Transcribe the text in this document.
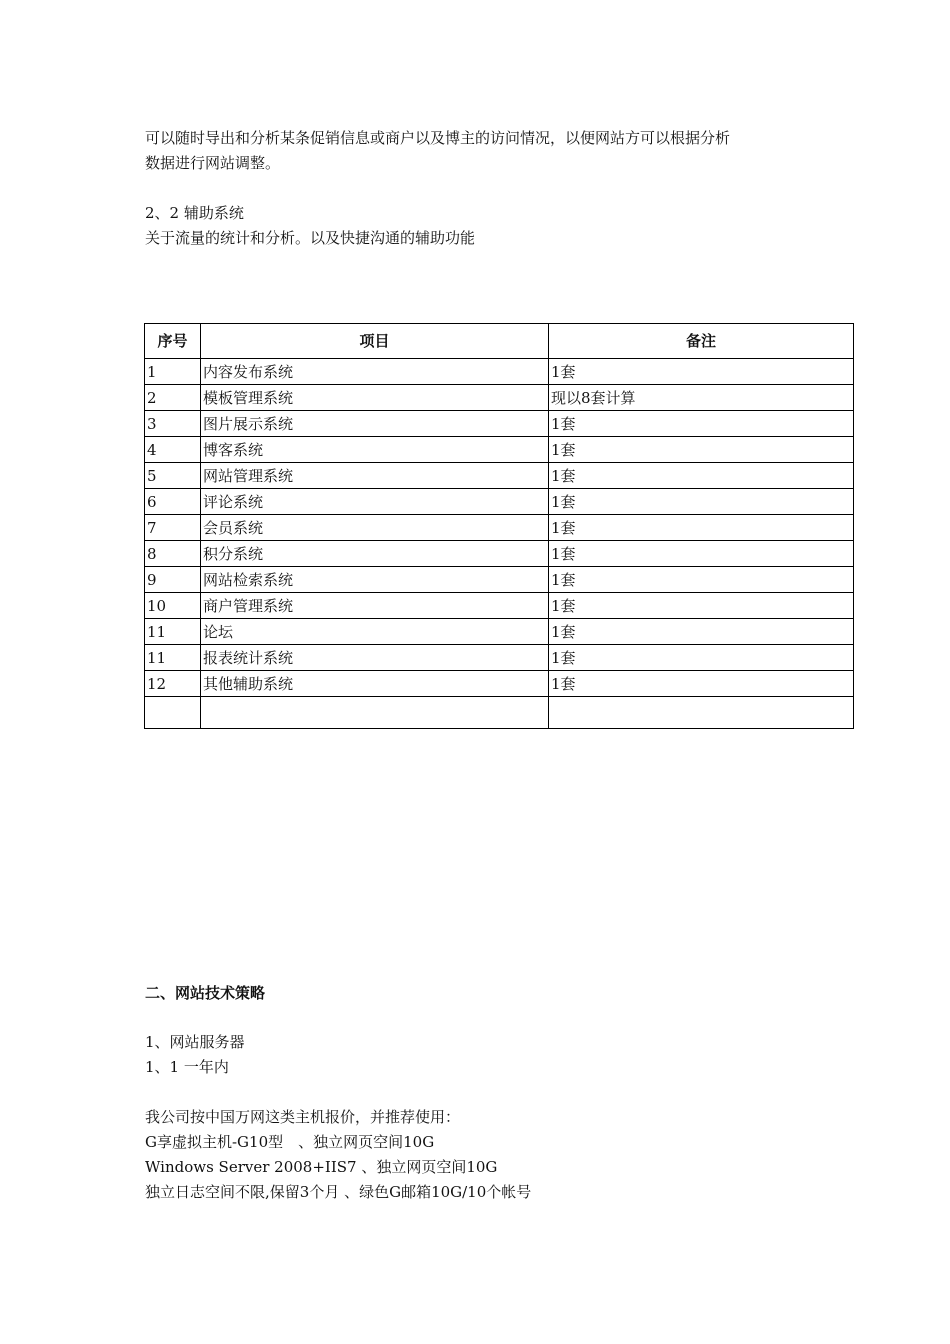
可以随时导出和分析某条促销信息或商户以及博主的访问情况，以便网站方可以根据分析
数据进行网站调整。
2、2 辅助系统
关于流量的统计和分析。以及快捷沟通的辅助功能
序号	项目	备注
1	内容发布系统	1套
2	模板管理系统	现以8套计算
3	图片展示系统	1套
4	博客系统	1套
5	网站管理系统	1套
6	评论系统	1套
7	会员系统	1套
8	积分系统	1套
9	网站检索系统	1套
10	商户管理系统	1套
11	论坛	1套
11	报表统计系统	1套
12	其他辅助系统	1套

二、网站技术策略
1、网站服务器
1、1 一年内
我公司按中国万网这类主机报价，并推荐使用：
G享虚拟主机-G10型　、独立网页空间10G
Windows Server 2008+IIS7 、独立网页空间10G
独立日志空间不限,保留3个月 、绿色G邮箱10G/10个帐号
